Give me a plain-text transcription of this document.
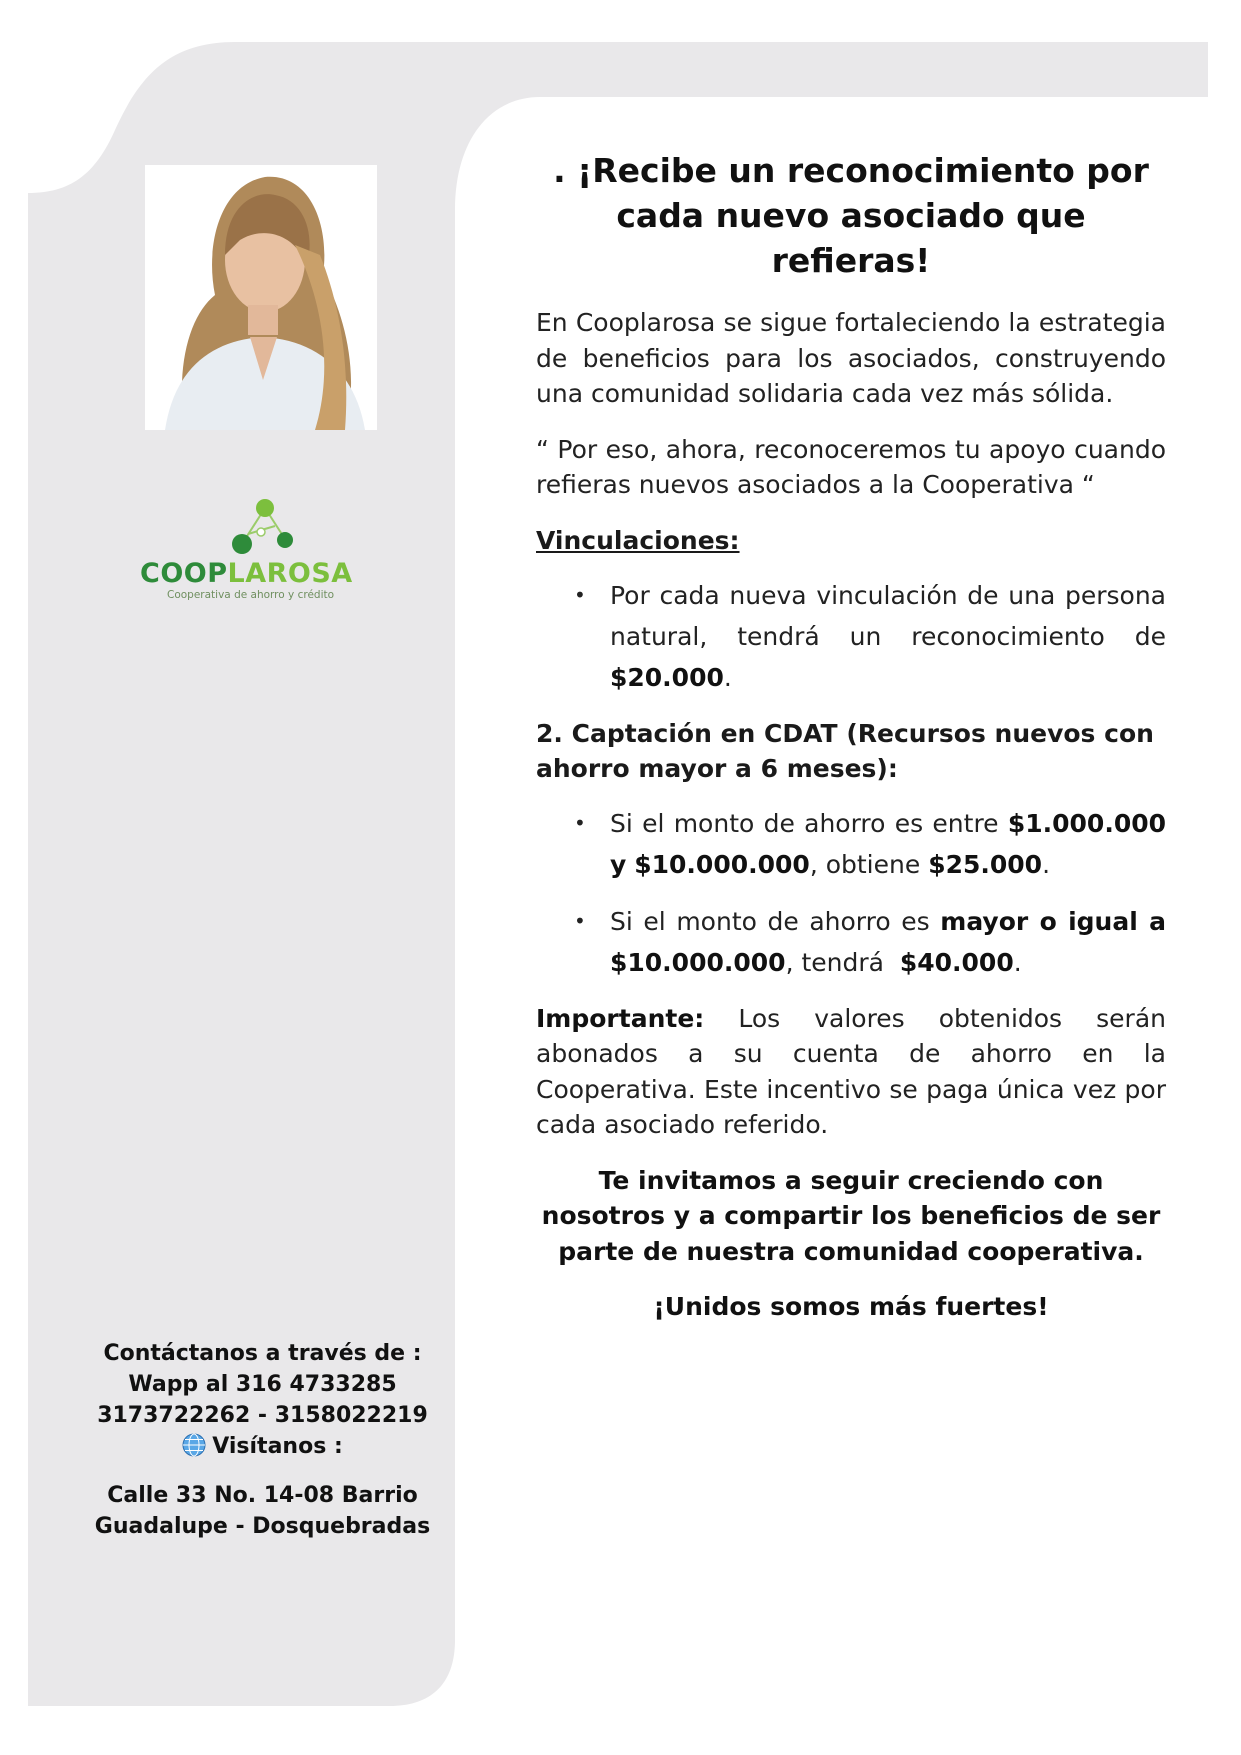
COOPLAROSA
Cooperativa de ahorro y crédito

Contáctanos a través de :

Wapp al 316 4733285

3173722262 - 3158022219

Visítanos :

Calle 33 No. 14-08 Barrio

Guadalupe - Dosquebradas

. ¡Recibe un reconocimiento por
cada nuevo asociado que
refieras!

En Cooplarosa se sigue fortaleciendo la estrategia de beneficios para los asociados, construyendo una comunidad solidaria cada vez más sólida.

“ Por eso, ahora, reconoceremos tu apoyo cuando refieras nuevos asociados a la Cooperativa “

Vinculaciones:
• Por cada nueva vinculación de una persona natural, tendrá un reconocimiento de $20.000.
2. Captación en CDAT (Recursos nuevos con ahorro mayor a 6 meses):
• Si el monto de ahorro es entre $1.000.000 y $10.000.000, obtiene $25.000.
• Si el monto de ahorro es mayor o igual a $10.000.000, tendrá $40.000.

Importante: Los valores obtenidos serán abonados a su cuenta de ahorro en la Cooperativa. Este incentivo se paga única vez por cada asociado referido.

Te invitamos a seguir creciendo con nosotros y a compartir los beneficios de ser parte de nuestra comunidad cooperativa.

¡Unidos somos más fuertes!
